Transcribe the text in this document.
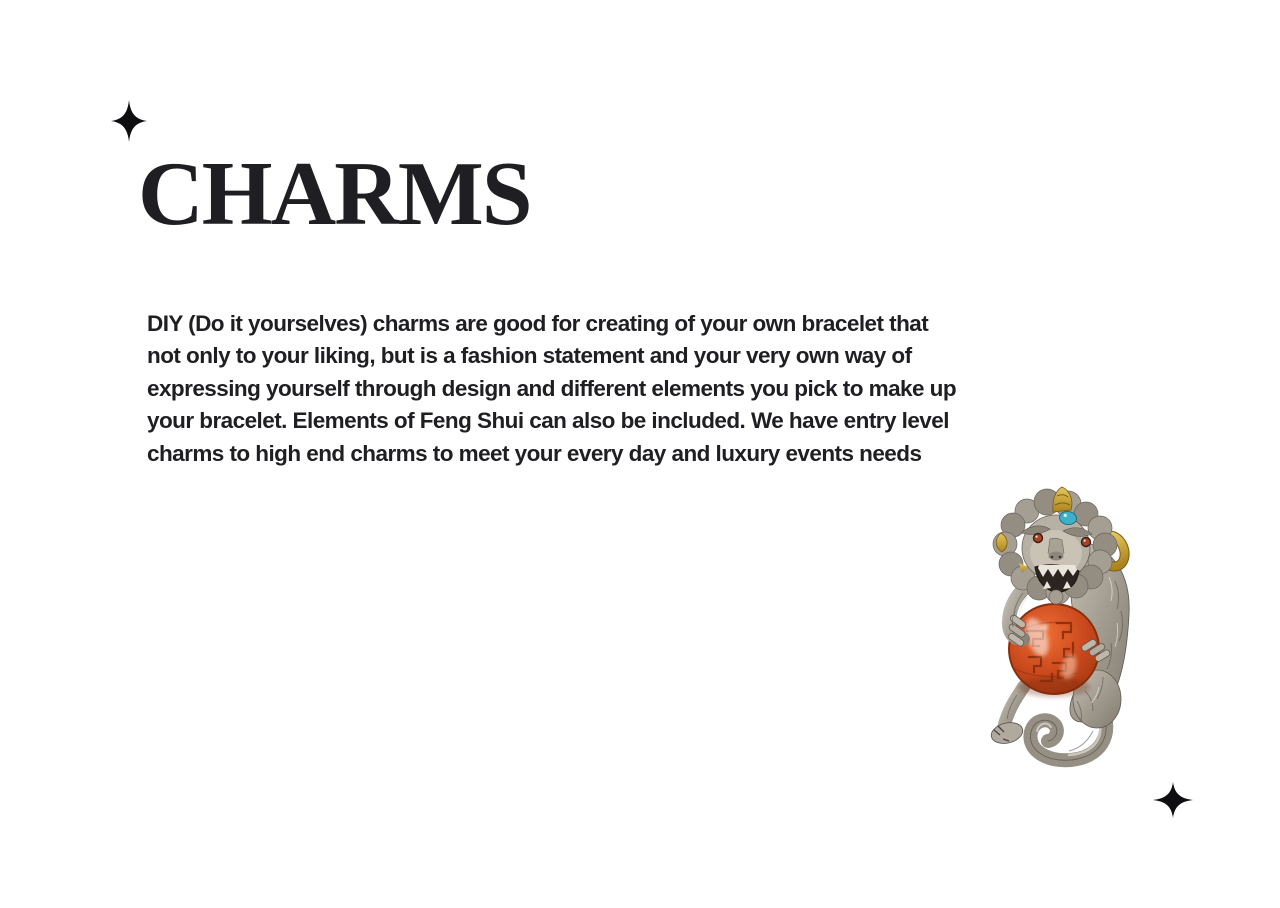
CHARMS
DIY (Do it yourselves) charms are good for creating of your own bracelet that
not only to your liking, but is a fashion statement and your very own way of
expressing yourself through design and different elements you pick to make up
your bracelet. Elements of Feng Shui can also be included. We have entry level
charms to high end charms to meet your every day and luxury events needs
